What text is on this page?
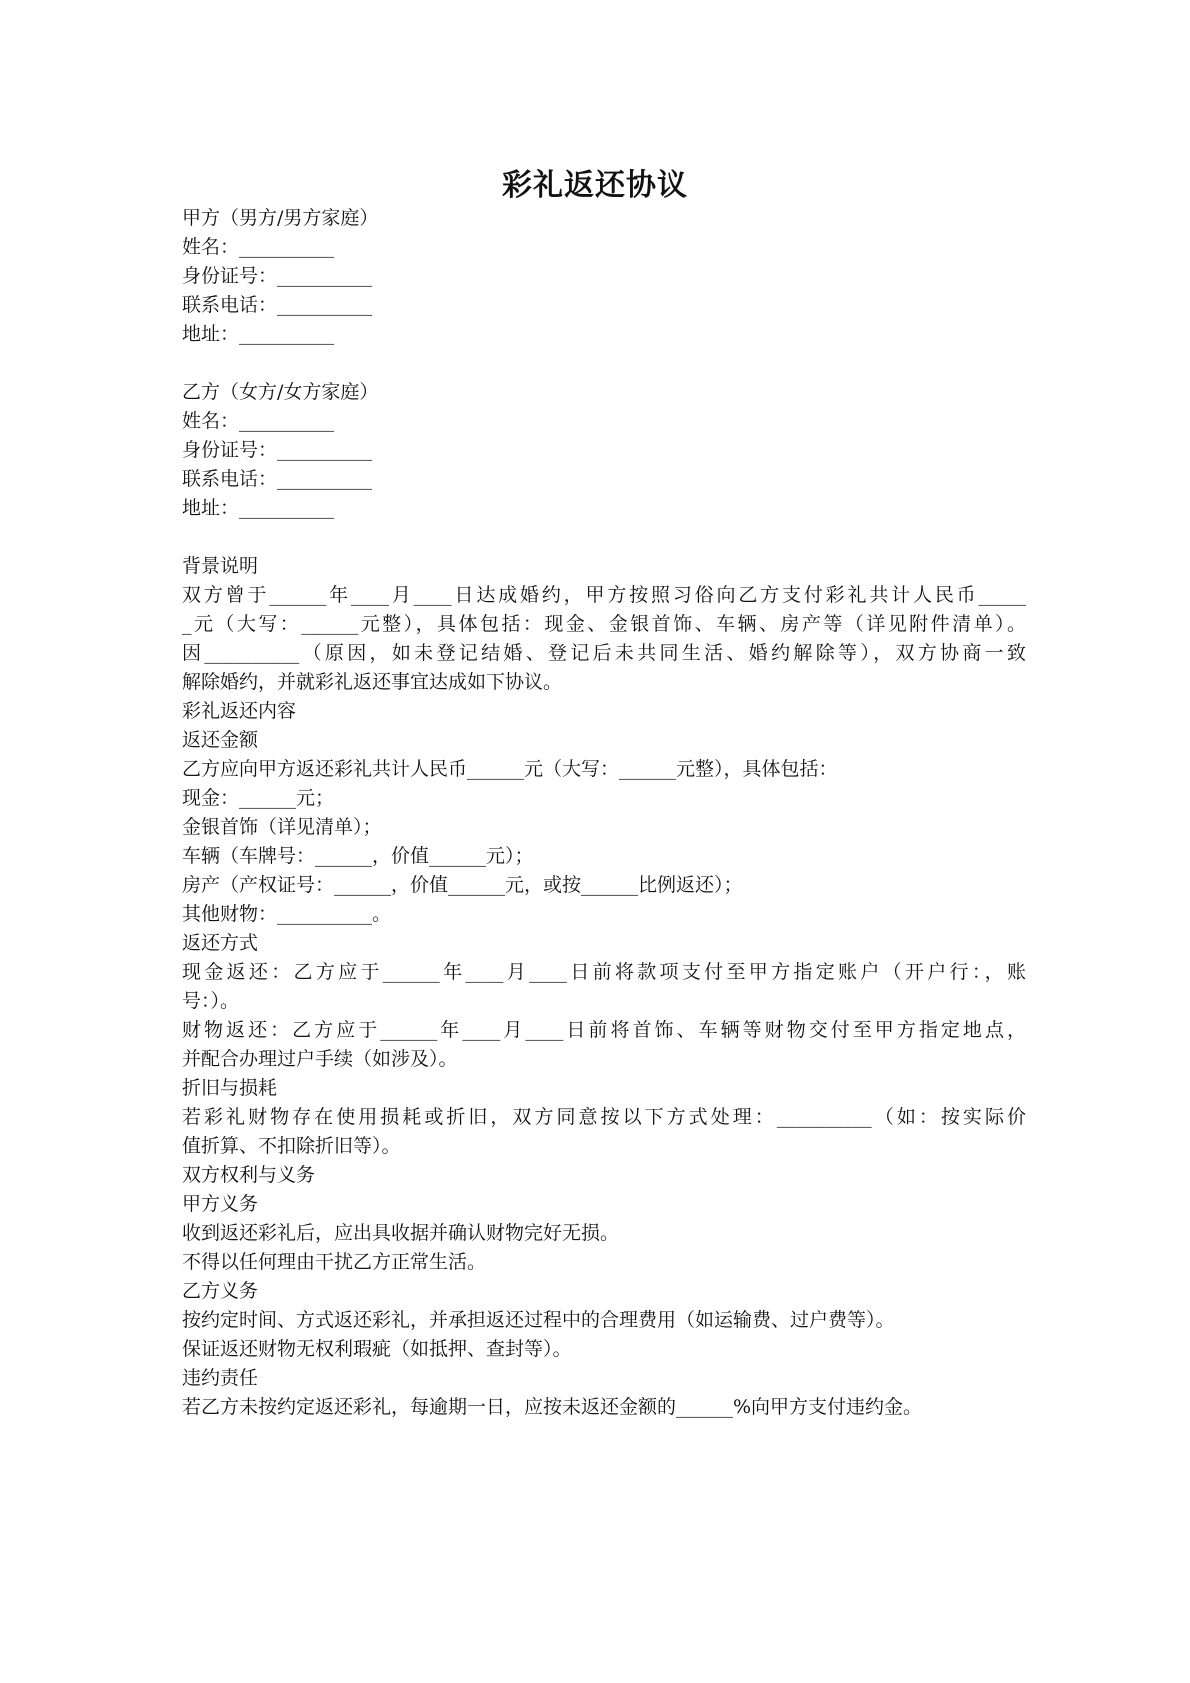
彩礼返还协议
甲方（男方/男方家庭）
姓名：__________
身份证号：__________
联系电话：__________
地址：__________
乙方（女方/女方家庭）
姓名：__________
身份证号：__________
联系电话：__________
地址：__________
背景说明
双方曾于______年____月____日达成婚约，甲方按照习俗向乙方支付彩礼共计人民币_____
_元（大写：______元整），具体包括：现金、金银首饰、车辆、房产等（详见附件清单）。
因__________（原因，如未登记结婚、登记后未共同生活、婚约解除等），双方协商一致
解除婚约，并就彩礼返还事宜达成如下协议。
彩礼返还内容
返还金额
乙方应向甲方返还彩礼共计人民币______元（大写：______元整），具体包括：
现金：______元；
金银首饰（详见清单）；
车辆（车牌号：______，价值______元）；
房产（产权证号：______，价值______元，或按______比例返还）；
其他财物：__________。
返还方式
现金返还：乙方应于______年____月____日前将款项支付至甲方指定账户（开户行：，账
号：）。
财物返还：乙方应于______年____月____日前将首饰、车辆等财物交付至甲方指定地点，
并配合办理过户手续（如涉及）。
折旧与损耗
若彩礼财物存在使用损耗或折旧，双方同意按以下方式处理：__________（如：按实际价
值折算、不扣除折旧等）。
双方权利与义务
甲方义务
收到返还彩礼后，应出具收据并确认财物完好无损。
不得以任何理由干扰乙方正常生活。
乙方义务
按约定时间、方式返还彩礼，并承担返还过程中的合理费用（如运输费、过户费等）。
保证返还财物无权利瑕疵（如抵押、查封等）。
违约责任
若乙方未按约定返还彩礼，每逾期一日，应按未返还金额的______%向甲方支付违约金。
